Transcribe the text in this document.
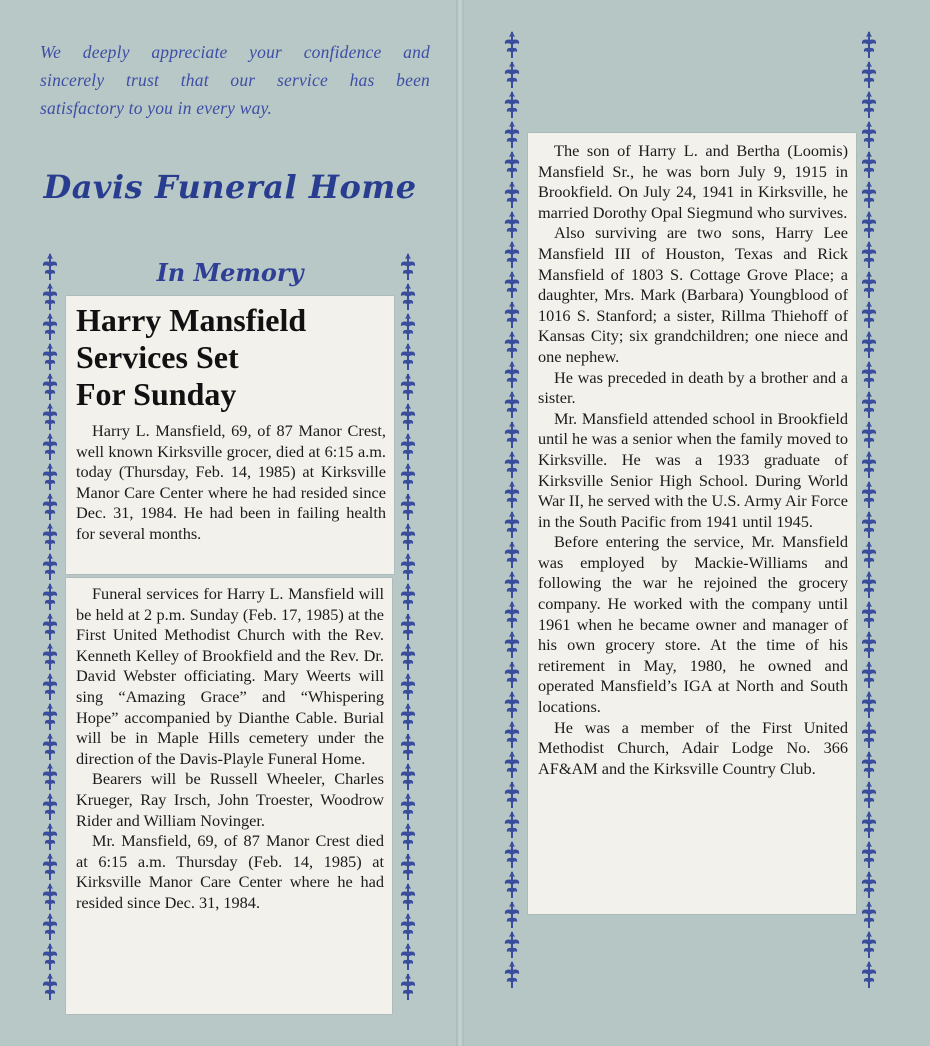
We deeply appreciate your confidence and
sincerely trust that our service has been
satisfactory to you in every way.
Davis Funeral Home
In Memory
Harry Mansfield
Services Set
For Sunday

Harry L. Mansfield, 69, of 87 Manor Crest, well known Kirksville grocer, died at 6:15 a.m. today (Thursday, Feb. 14, 1985) at Kirksville Manor Care Center where he had resided since Dec. 31, 1984. He had been in failing health for several months.

Funeral services for Harry L. Mansfield will be held at 2 p.m. Sunday (Feb. 17, 1985) at the First United Methodist Church with the Rev. Kenneth Kelley of Brookfield and the Rev. Dr. David Webster officiating. Mary Weerts will sing “Amazing Grace” and “Whispering Hope” accompanied by Dianthe Cable. Burial will be in Maple Hills cemetery under the direction of the Davis-Playle Funeral Home.

Bearers will be Russell Wheeler, Charles Krueger, Ray Irsch, John Troester, Woodrow Rider and William Novinger.

Mr. Mansfield, 69, of 87 Manor Crest died at 6:15 a.m. Thursday (Feb. 14, 1985) at Kirksville Manor Care Center where he had resided since Dec. 31, 1984.

The son of Harry L. and Bertha (Loomis) Mansfield Sr., he was born July 9, 1915 in Brookfield. On July 24, 1941 in Kirksville, he married Dorothy Opal Siegmund who survives.

Also surviving are two sons, Harry Lee Mansfield III of Houston, Texas and Rick Mansfield of 1803 S. Cottage Grove Place; a daughter, Mrs. Mark (Barbara) Youngblood of 1016 S. Stanford; a sister, Rillma Thiehoff of Kansas City; six grandchildren; one niece and one nephew.

He was preceded in death by a brother and a sister.

Mr. Mansfield attended school in Brookfield until he was a senior when the family moved to Kirksville. He was a 1933 graduate of Kirksville Senior High School. During World War II, he served with the U.S. Army Air Force in the South Pacific from 1941 until 1945.

Before entering the service, Mr. Mansfield was employed by Mackie-Williams and following the war he rejoined the grocery company. He worked with the company until 1961 when he became owner and manager of his own grocery store. At the time of his retirement in May, 1980, he owned and operated Mansfield’s IGA at North and South locations.

He was a member of the First United Methodist Church, Adair Lodge No. 366 AF&AM and the Kirksville Country Club.
